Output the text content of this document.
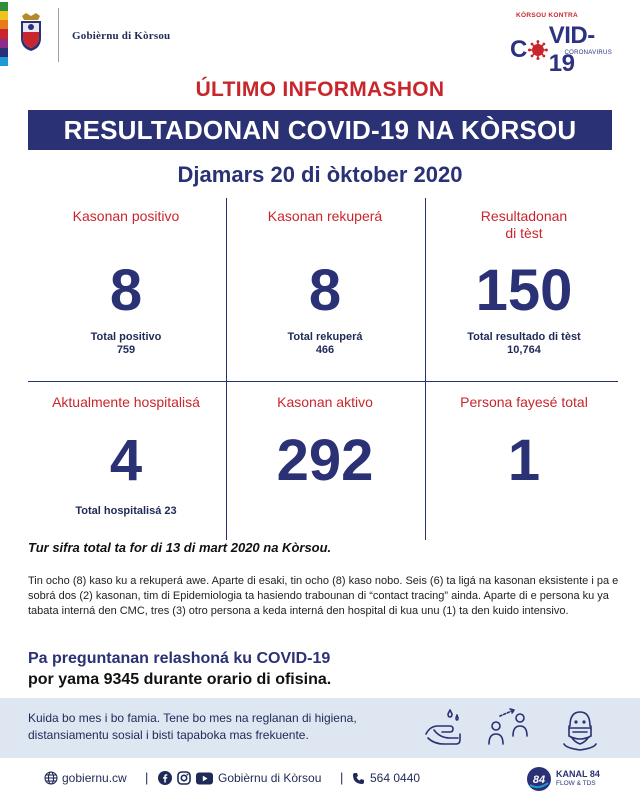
Gobièrnu di Kòrsou
KÒRSOU KONTRA
C
VID-19
CORONAVIRUS
ÚLTIMO INFORMASHON
RESULTADONAN COVID-19 NA KÒRSOU
Djamars 20 di òktober 2020
Kasonan positivo
8
Total positivo
759
Kasonan rekuperá
8
Total rekuperá
466
Resultadonan
di tèst
150
Total resultado di tèst
10,764
Aktualmente hospitalisá
4
Total hospitalisá 23
Kasonan aktivo
292
Persona fayesé total
1
Tur sifra total ta for di 13 di mart 2020 na Kòrsou.
Tin ocho (8) kaso ku a rekuperá awe. Aparte di esaki, tin ocho (8) kaso nobo. Seis (6) ta ligá na kasonan eksistente i pa e sobrá dos (2) kasonan, tim di Epidemiologia ta hasiendo trabounan di “contact tracing” ainda. Aparte di e persona ku ya tabata interná den CMC, tres (3) otro persona a keda interná den hospital di kua unu (1) ta den kuido intensivo.
Pa preguntanan relashoná ku COVID-19
por yama 9345 durante orario di ofisina.
Kuida bo mes i bo famia. Tene bo mes na reglanan di higiena, distansiamentu sosial i bisti tapaboka mas frekuente.
gobiernu.cw |	Gobièrnu di Kòrsou | 564 0440	84 KANAL 84
FLOW & TDS
